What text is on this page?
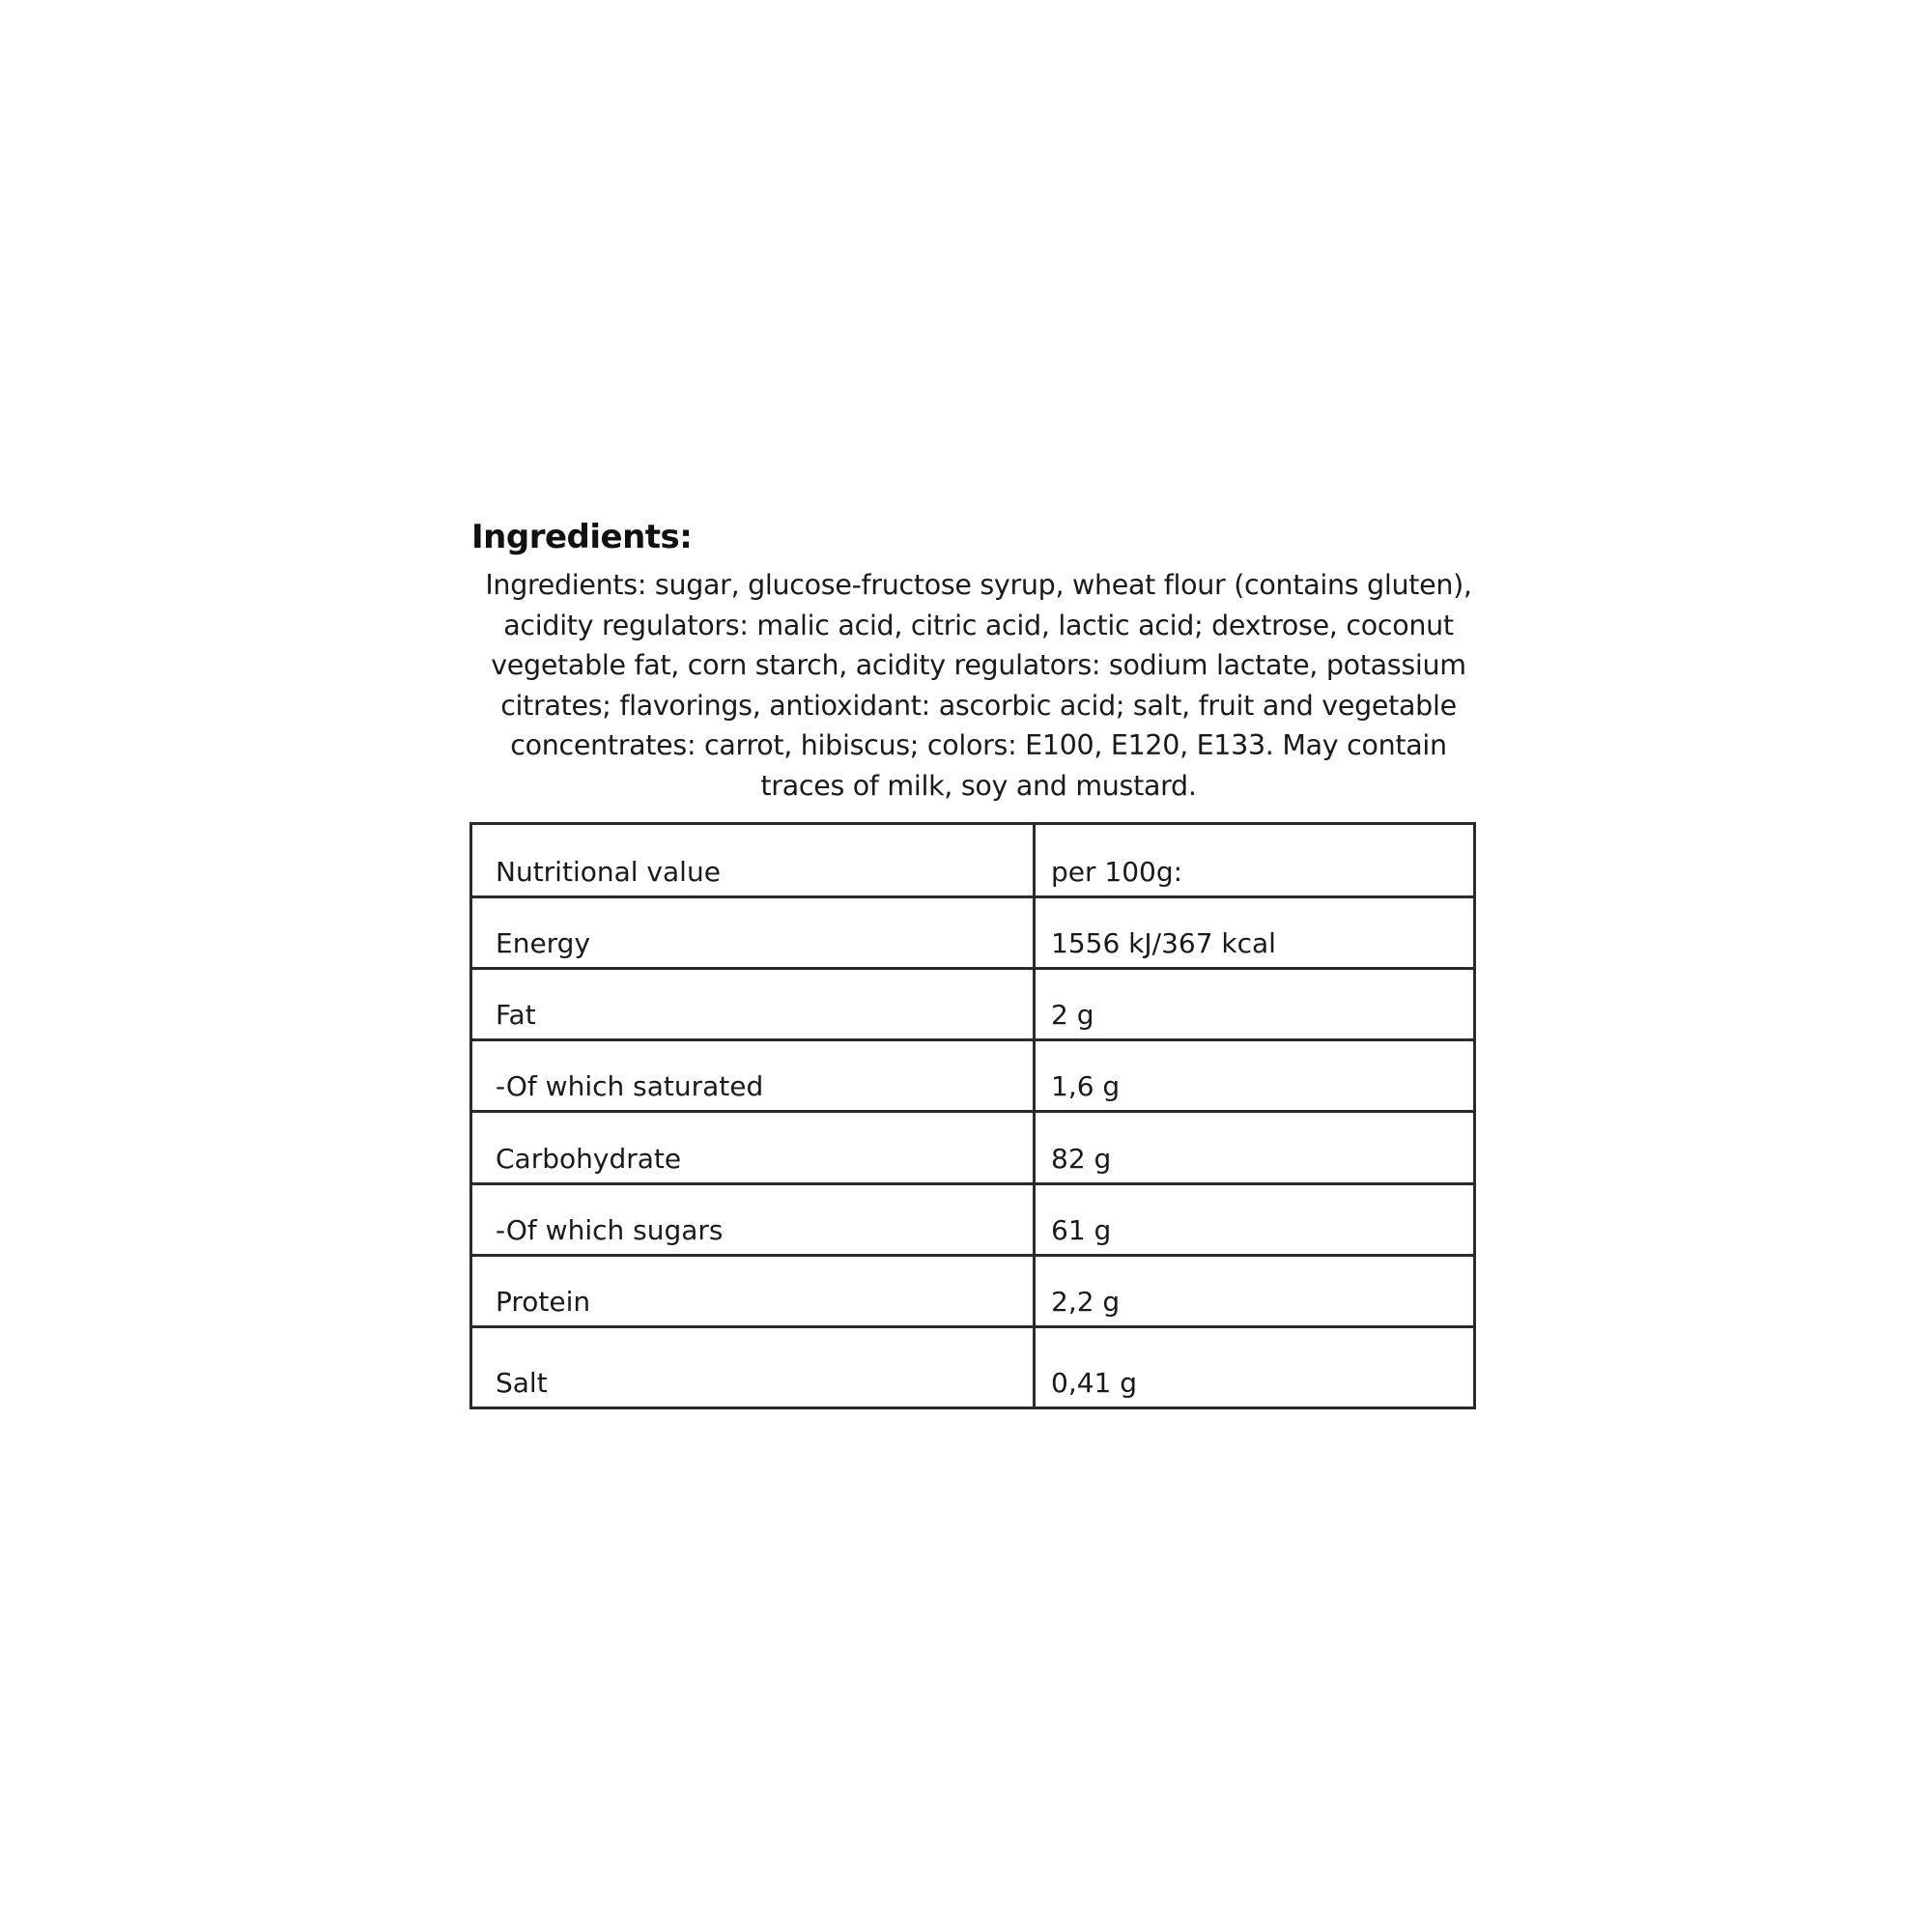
Ingredients:

Ingredients: sugar, glucose-fructose syrup, wheat flour (contains gluten), acidity regulators: malic acid, citric acid, lactic acid; dextrose, coconut vegetable fat, corn starch, acidity regulators: sodium lactate, potassium citrates; flavorings, antioxidant: ascorbic acid; salt, fruit and vegetable concentrates: carrot, hibiscus; colors: E100, E120, E133. May contain traces of milk, soy and mustard.

Nutritional value	per 100g:
Energy	1556 kJ/367 kcal
Fat	2 g
-Of which saturated	1,6 g
Carbohydrate	82 g
-Of which sugars	61 g
Protein	2,2 g
Salt	0,41 g
